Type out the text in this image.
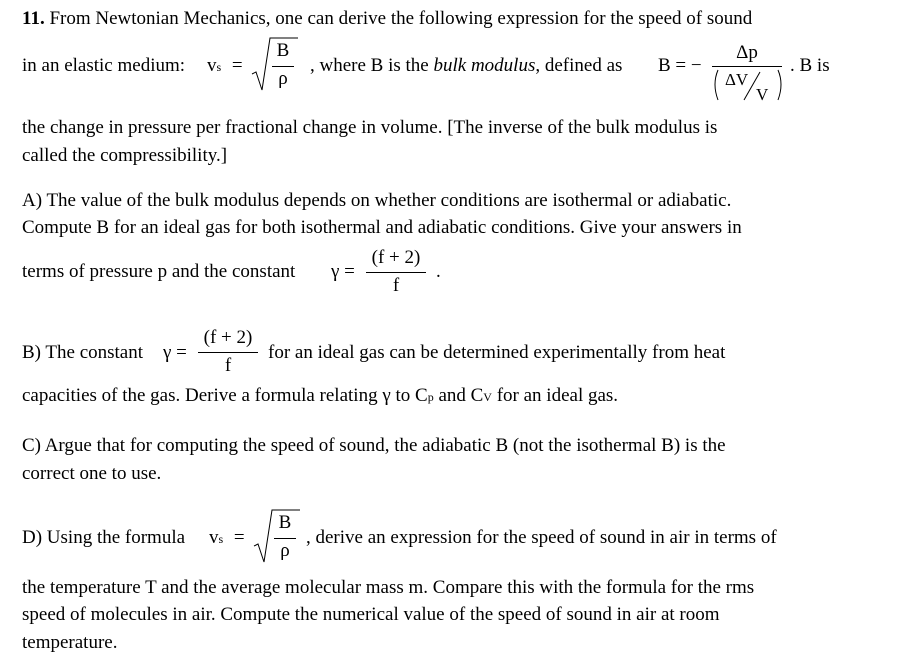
11. From Newtonian Mechanics, one can derive the following expression for the speed of sound
in an elastic medium: vs =
B
ρ
, where B is the bulk modulus, defined as B = −
Δp
ΔV
V
. B is
the change in pressure per fractional change in volume. [The inverse of the bulk modulus is
called the compressibility.]
A) The value of the bulk modulus depends on whether conditions are isothermal or adiabatic.
Compute B for an ideal gas for both isothermal and adiabatic conditions. Give your answers in
terms of pressure p and the constant γ =
(f + 2)
f
.
B) The constant γ =
(f + 2)
f
for an ideal gas can be determined experimentally from heat
capacities of the gas. Derive a formula relating γ to Cp and CV for an ideal gas.
C) Argue that for computing the speed of sound, the adiabatic B (not the isothermal B) is the
correct one to use.
D) Using the formula vs =
B
ρ
, derive an expression for the speed of sound in air in terms of
the temperature T and the average molecular mass m. Compare this with the formula for the rms
speed of molecules in air. Compute the numerical value of the speed of sound in air at room
temperature.
